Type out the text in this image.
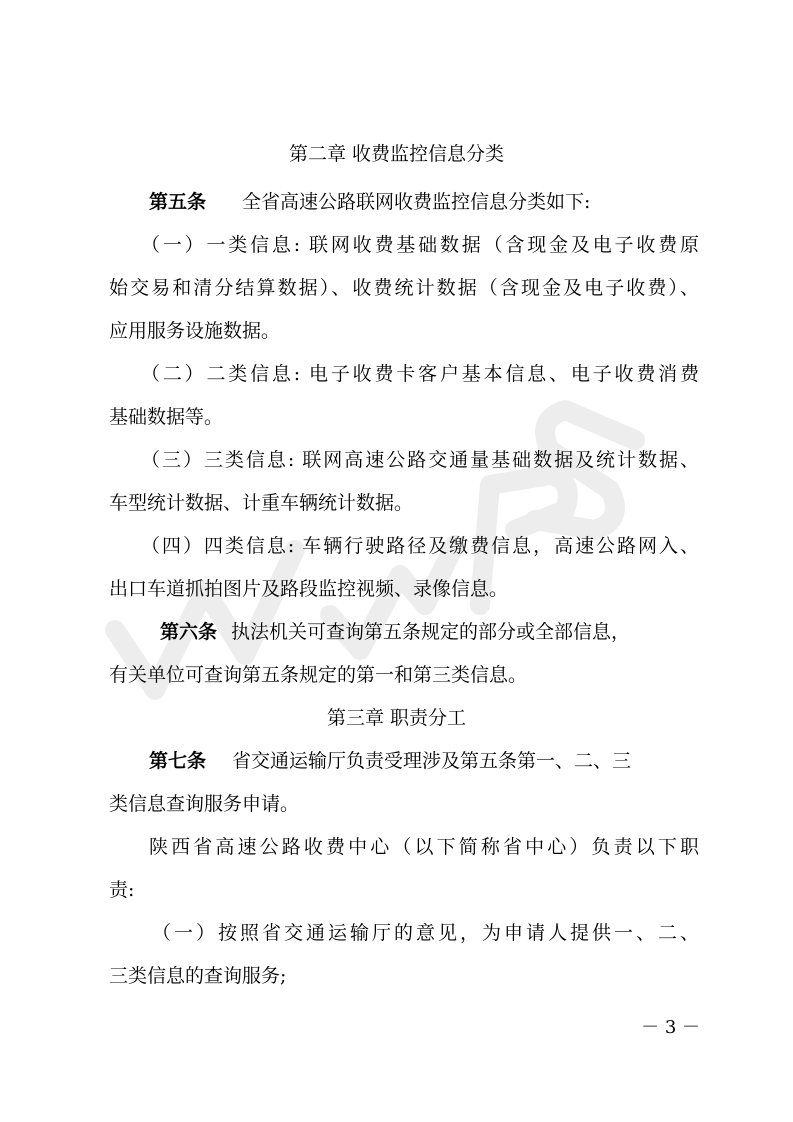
第二章 收费监控信息分类
第五条 全省高速公路联网收费监控信息分类如下:
（一）一类信息: 联网收费基础数据（含现金及电子收费原
始交易和清分结算数据）、收费统计数据（含现金及电子收费）、
应用服务设施数据。
（二）二类信息: 电子收费卡客户基本信息、电子收费消费
基础数据等。
（三）三类信息: 联网高速公路交通量基础数据及统计数据、
车型统计数据、计重车辆统计数据。
（四）四类信息: 车辆行驶路径及缴费信息，高速公路网入、
出口车道抓拍图片及路段监控视频、录像信息。
第六条 执法机关可查询第五条规定的部分或全部信息，
有关单位可查询第五条规定的第一和第三类信息。
第三章 职责分工
第七条 省交通运输厅负责受理涉及第五条第一、二、三
类信息查询服务申请。
陕西省高速公路收费中心（以下简称省中心）负责以下职
责:
（一）按照省交通运输厅的意见，为申请人提供一、二、
三类信息的查询服务;
－ 3 －
